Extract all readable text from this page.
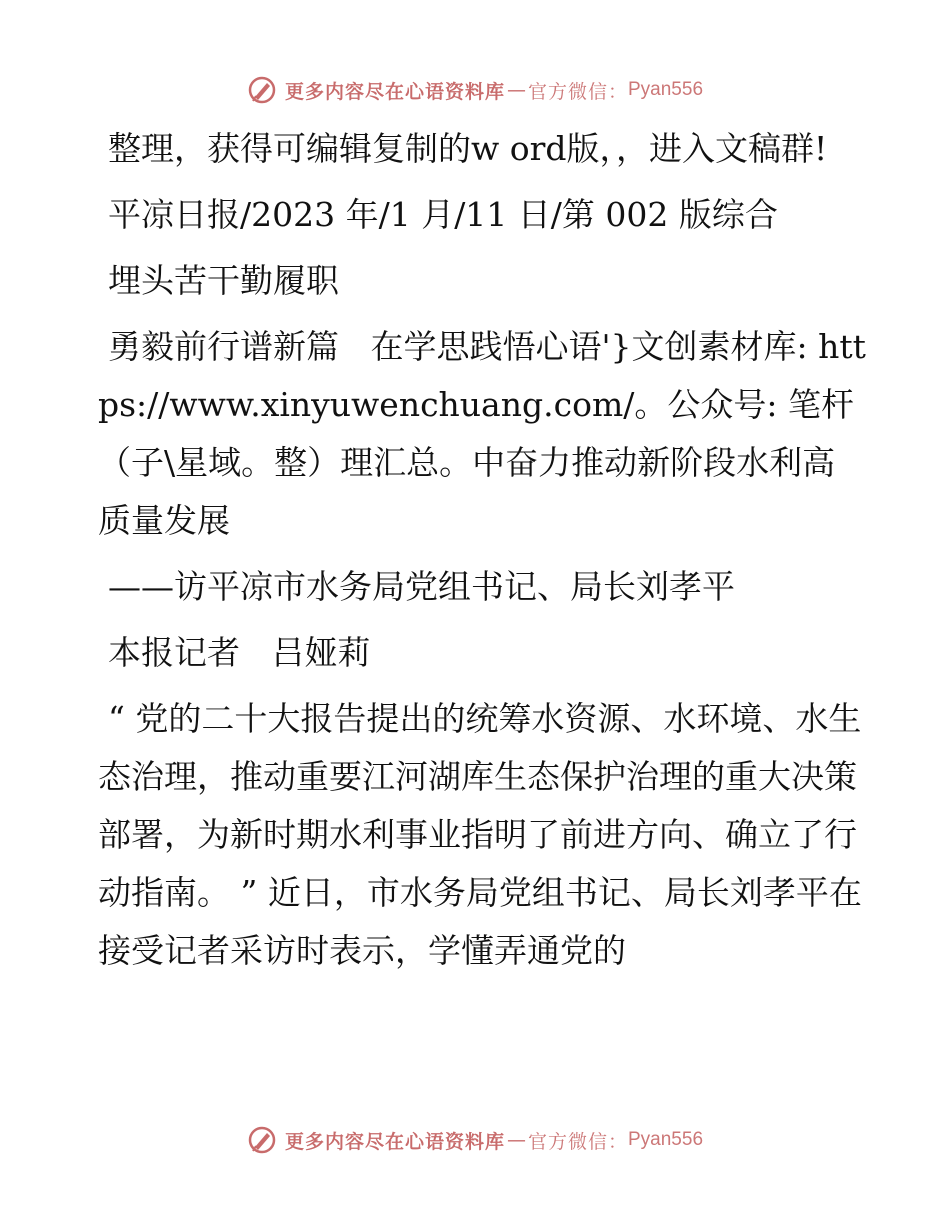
更多内容尽在心语资料库 — 官方微信： Pyan556

整理，获得可编辑复制的w ord版，，进入文稿群!

平凉日报/2023 年/1 月/11 日/第 002 版综合

埋头苦干勤履职

勇毅前行谱新篇   在学思践悟心语'}文创素材库: https://www.xinyuwenchuang.com/。公众号: 笔杆（子\星域。整）理汇总。中奋力推动新阶段水利高质量发展

——访平凉市水务局党组书记、局长刘孝平

本报记者   吕娅莉

“ 党的二十大报告提出的统筹水资源、水环境、水生态治理，推动重要江河湖库生态保护治理的重大决策部署，为新时期水利事业指明了前进方向、确立了行动指南。 ” 近日，市水务局党组书记、局长刘孝平在接受记者采访时表示，学懂弄通党的

更多内容尽在心语资料库 — 官方微信： Pyan556
